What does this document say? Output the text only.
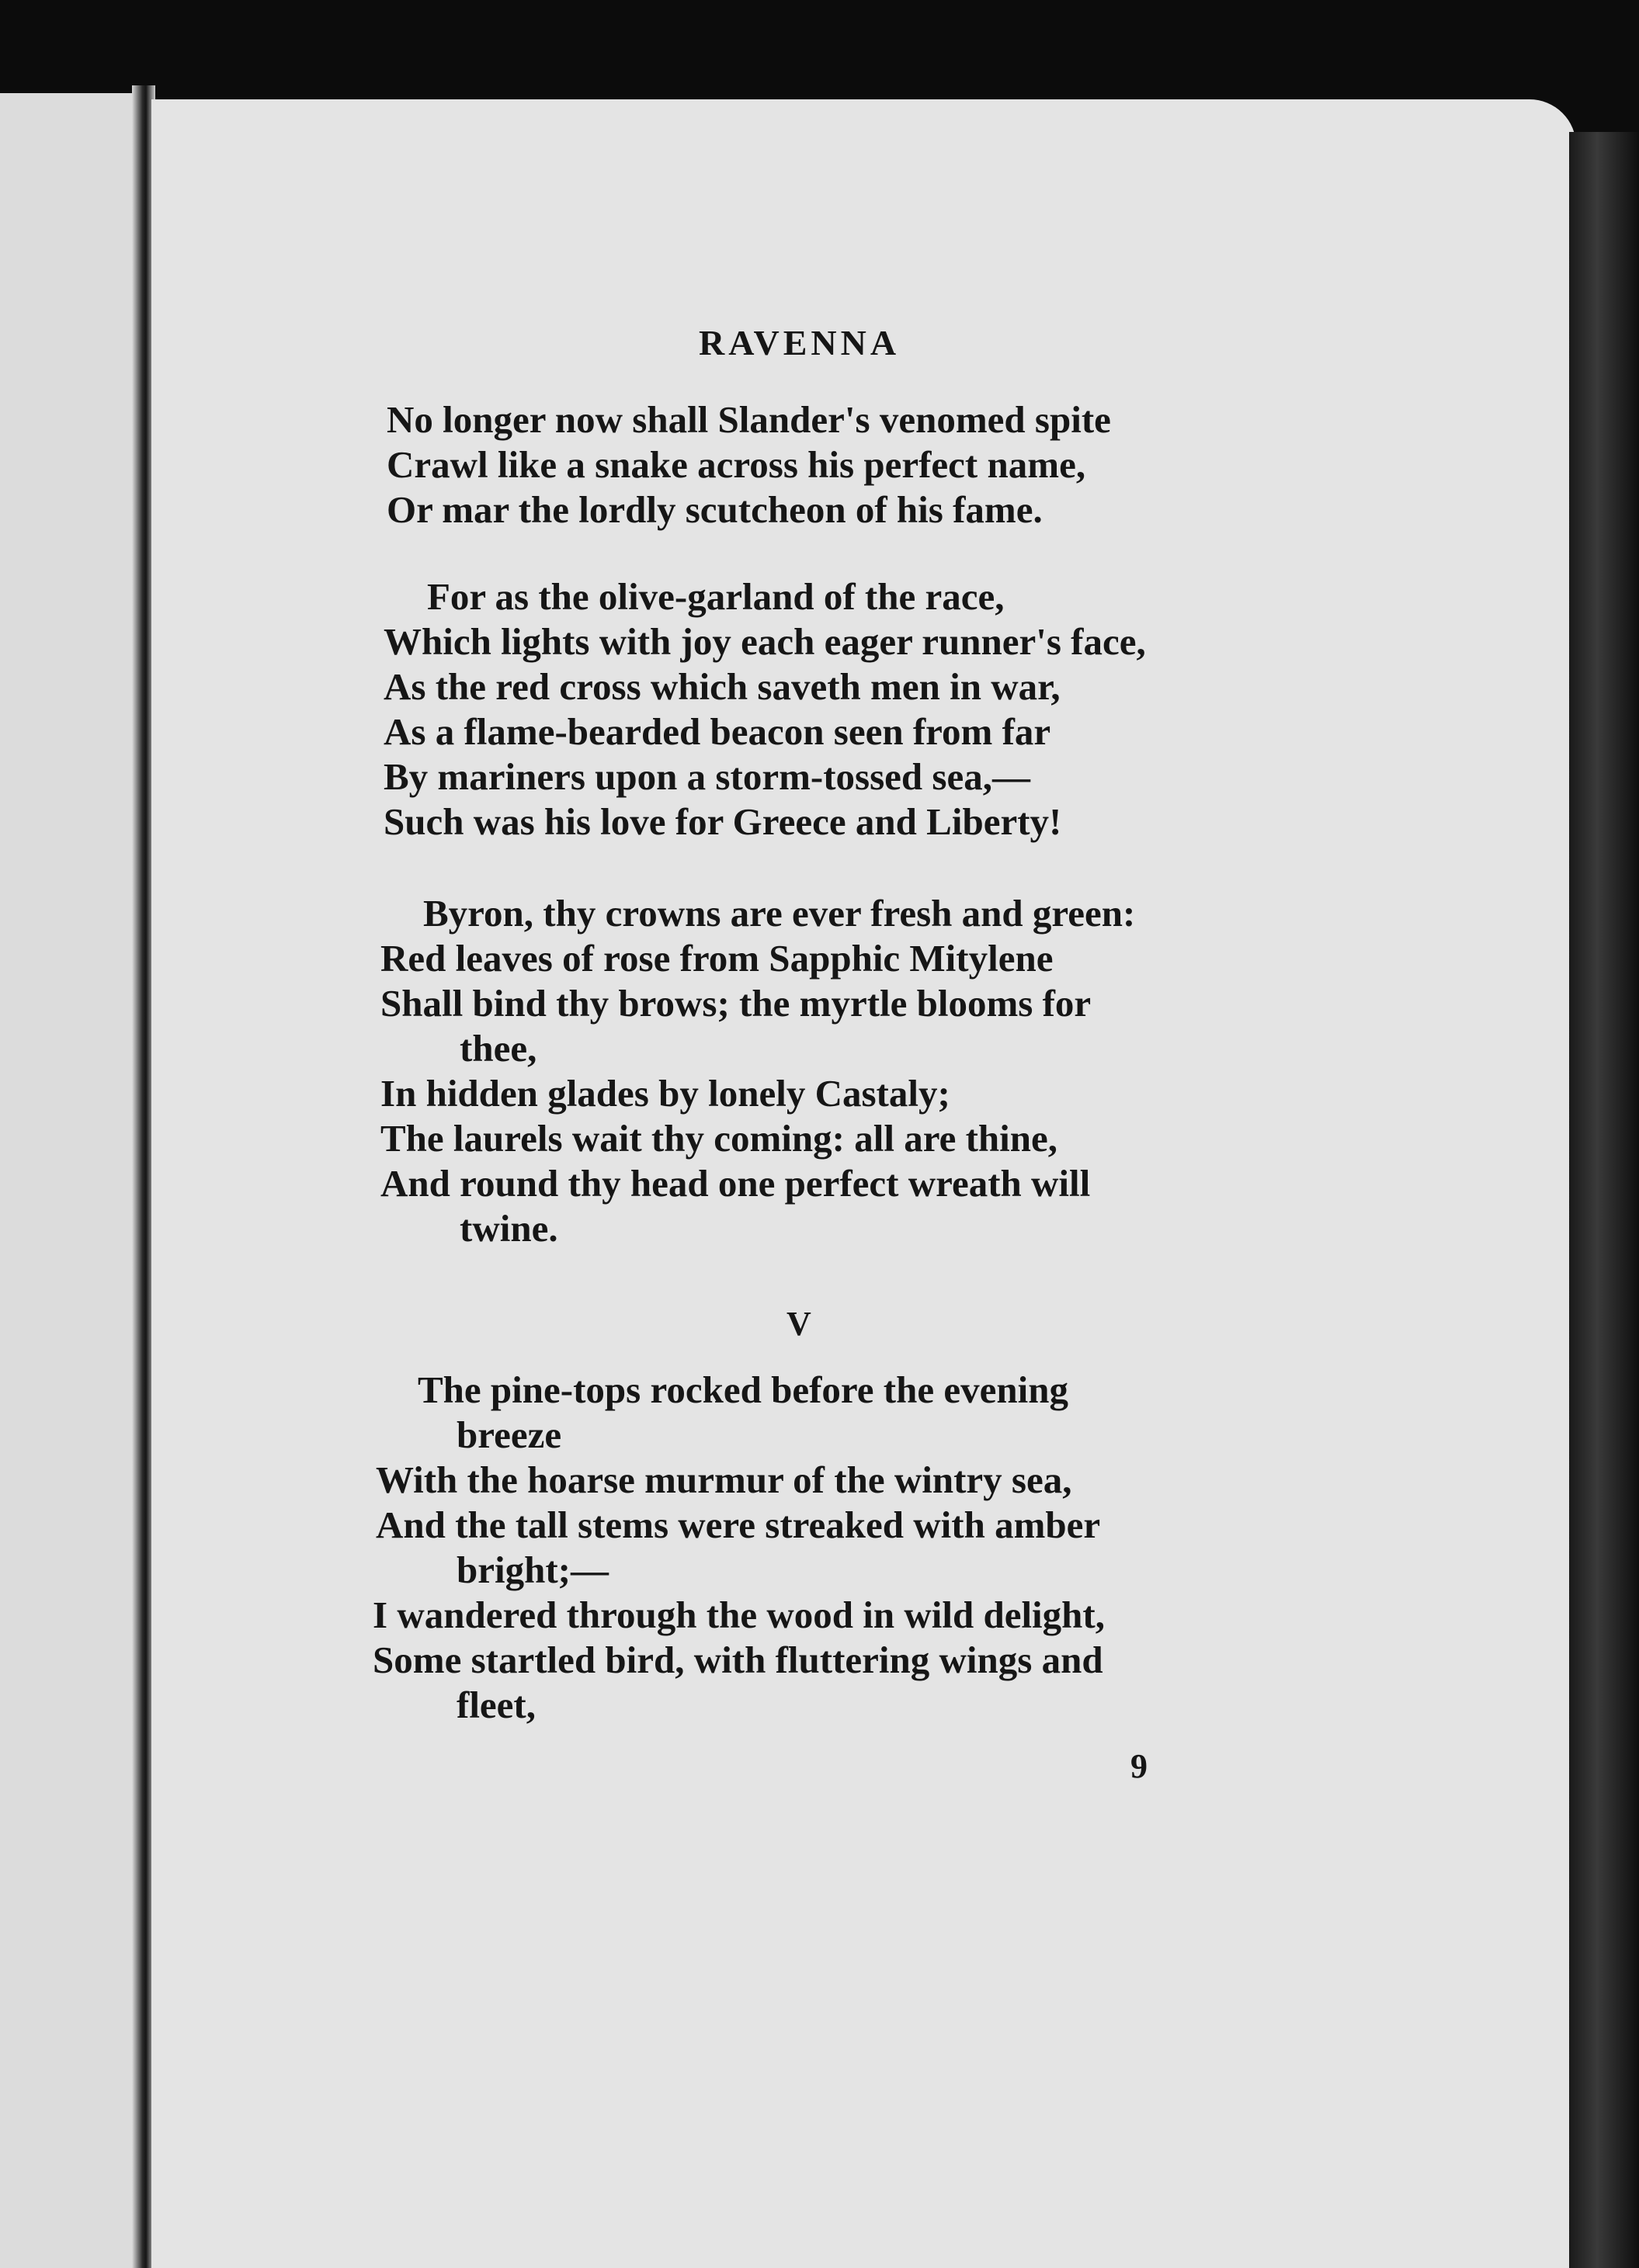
RAVENNA
No longer now shall Slander's venomed spite
Crawl like a snake across his perfect name,
Or mar the lordly scutcheon of his fame.
For as the olive-garland of the race,
Which lights with joy each eager runner's face,
As the red cross which saveth men in war,
As a flame-bearded beacon seen from far
By mariners upon a storm-tossed sea,—
Such was his love for Greece and Liberty!
Byron, thy crowns are ever fresh and green:
Red leaves of rose from Sapphic Mitylene
Shall bind thy brows; the myrtle blooms for
thee,
In hidden glades by lonely Castaly;
The laurels wait thy coming: all are thine,
And round thy head one perfect wreath will
twine.
V
The pine-tops rocked before the evening
breeze
With the hoarse murmur of the wintry sea,
And the tall stems were streaked with amber
bright;—
I wandered through the wood in wild delight,
Some startled bird, with fluttering wings and
fleet,
9
